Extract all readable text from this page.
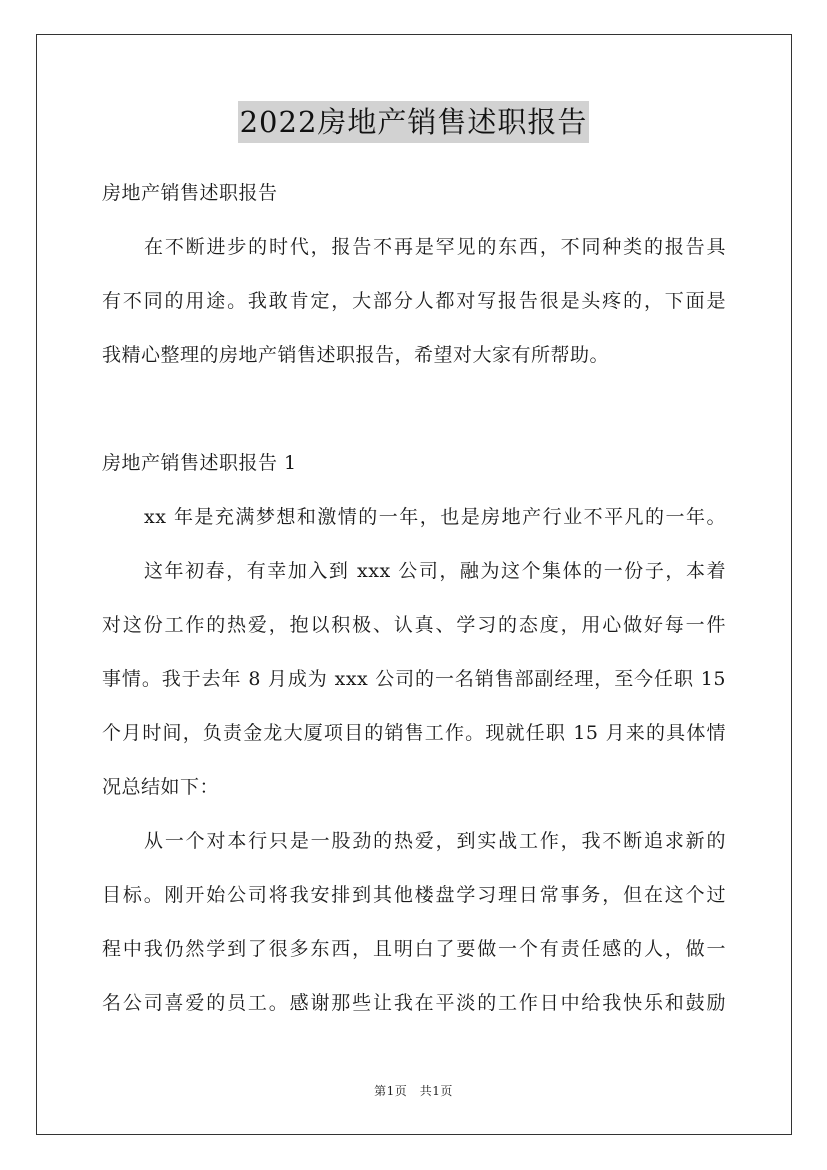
2022房地产销售述职报告
房地产销售述职报告
在不断进步的时代，报告不再是罕见的东西，不同种类的报告具
有不同的用途。我敢肯定，大部分人都对写报告很是头疼的，下面是
我精心整理的房地产销售述职报告，希望对大家有所帮助。
房地产销售述职报告 1
xx 年是充满梦想和激情的一年，也是房地产行业不平凡的一年。
这年初春，有幸加入到 xxx 公司，融为这个集体的一份子，本着
对这份工作的热爱，抱以积极、认真、学习的态度，用心做好每一件
事情。我于去年 8 月成为 xxx 公司的一名销售部副经理，至今任职 15
个月时间，负责金龙大厦项目的销售工作。现就任职 15 月来的具体情
况总结如下：
从一个对本行只是一股劲的热爱，到实战工作，我不断追求新的
目标。刚开始公司将我安排到其他楼盘学习理日常事务，但在这个过
程中我仍然学到了很多东西，且明白了要做一个有责任感的人，做一
名公司喜爱的员工。感谢那些让我在平淡的工作日中给我快乐和鼓励
第1页　共1页
